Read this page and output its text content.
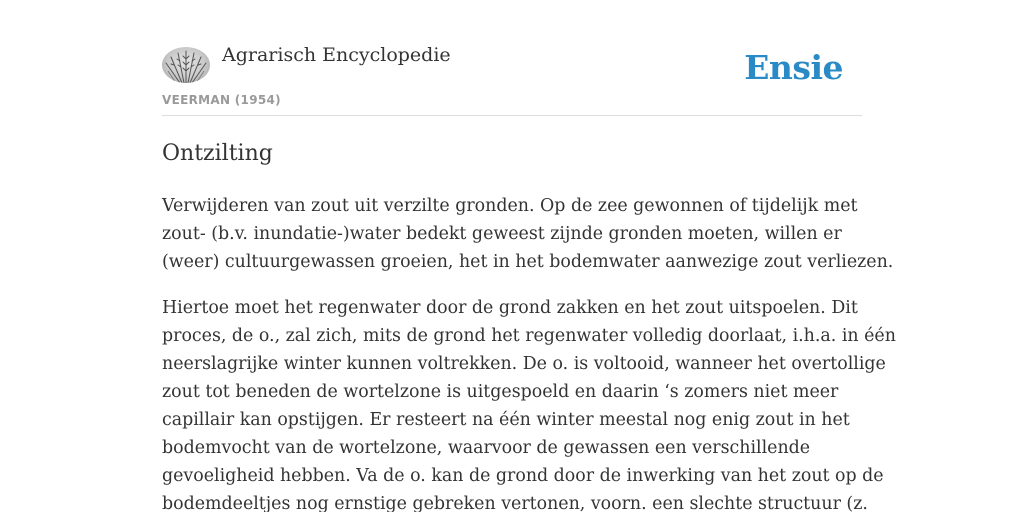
Agrarisch Encyclopedie
VEERMAN (1954)
Ensie
Ontzilting

Verwijderen van zout uit verzilte gronden. Op de zee gewonnen of tijdelijk met
zout- (b.v. inundatie-)water bedekt geweest zijnde gronden moeten, willen er
(weer) cultuurgewassen groeien, het in het bodemwater aanwezige zout verliezen.

Hiertoe moet het regenwater door de grond zakken en het zout uitspoelen. Dit
proces, de o., zal zich, mits de grond het regenwater volledig doorlaat, i.h.a. in één
neerslagrijke winter kunnen voltrekken. De o. is voltooid, wanneer het overtollige
zout tot beneden de wortelzone is uitgespoeld en daarin ‘s zomers niet meer
capillair kan opstijgen. Er resteert na één winter meestal nog enig zout in het
bodemvocht van de wortelzone, waarvoor de gewassen een verschillende
gevoeligheid hebben. Va de o. kan de grond door de inwerking van het zout op de
bodemdeeltjes nog ernstige gebreken vertonen, voorn. een slechte structuur (z.
